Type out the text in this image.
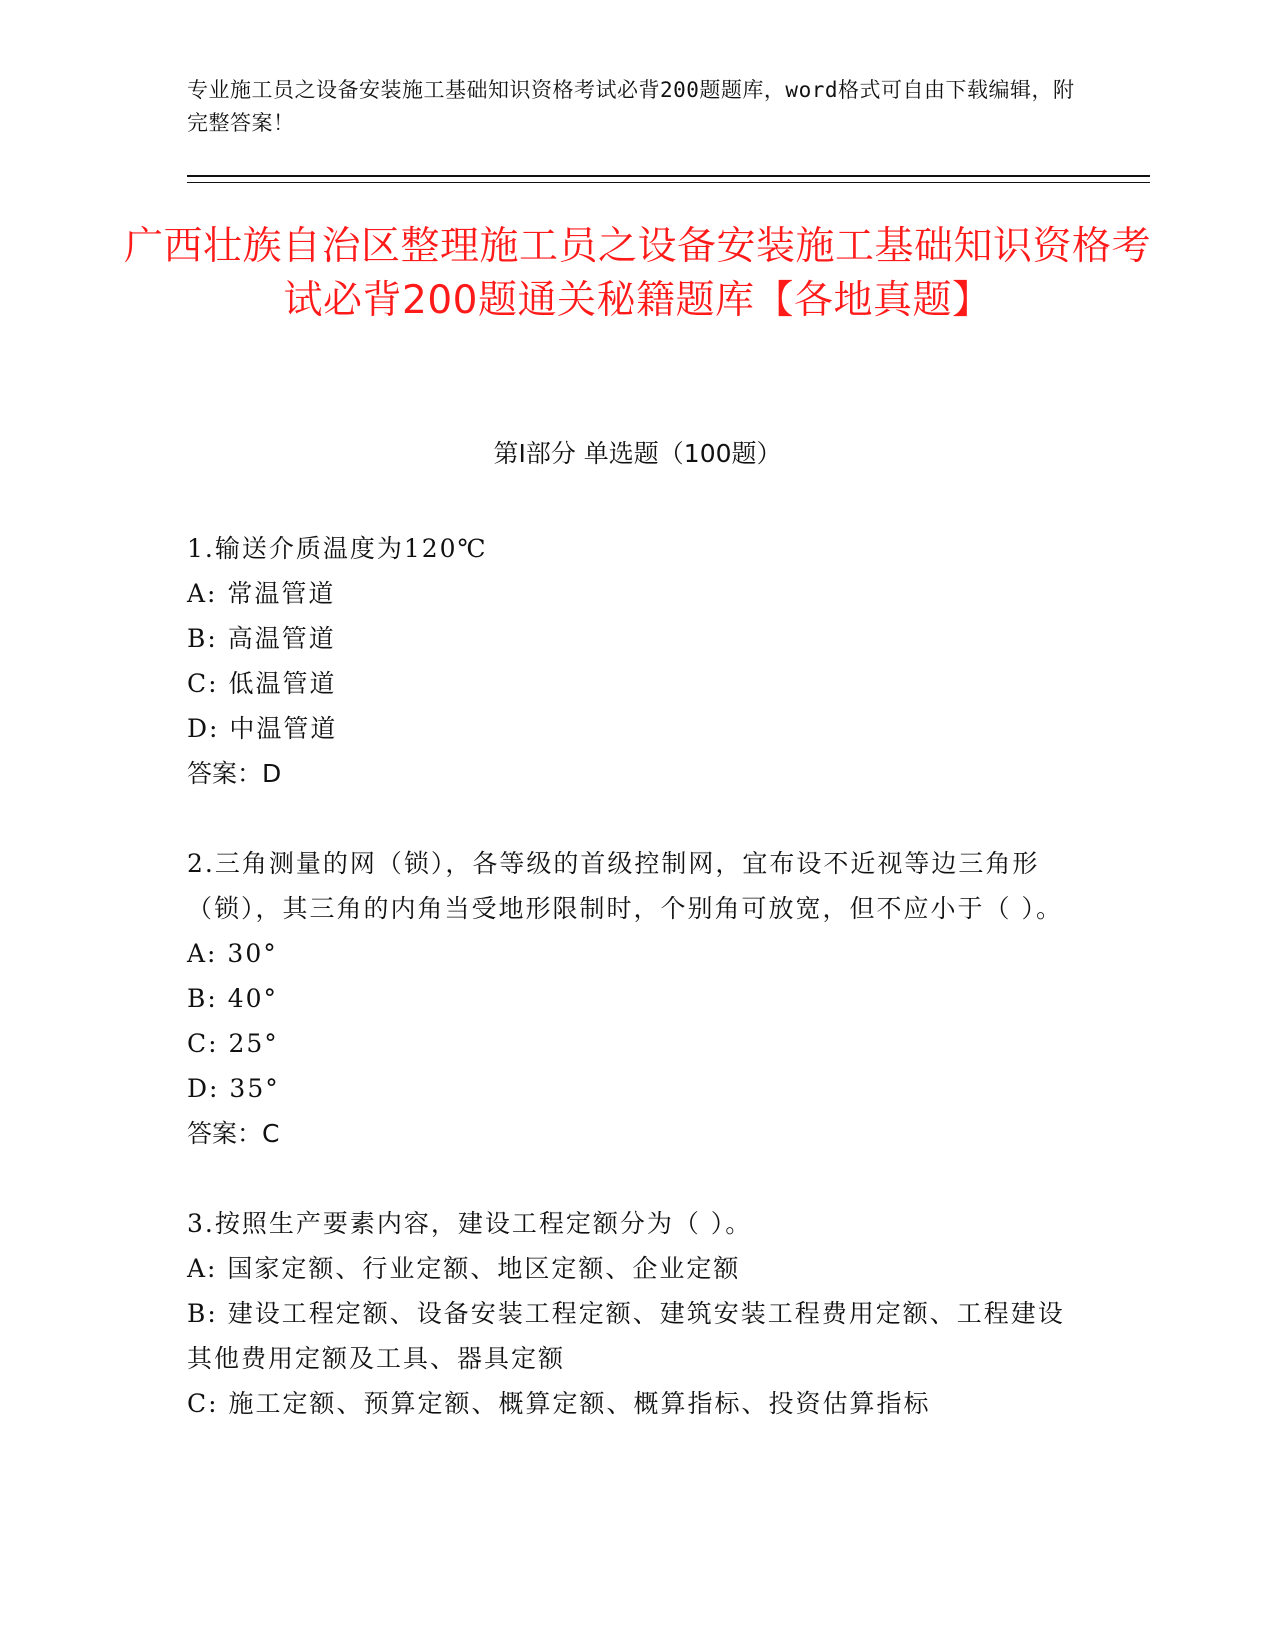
专业施工员之设备安装施工基础知识资格考试必背200题题库，word格式可自由下载编辑，附完整答案！
广西壮族自治区整理施工员之设备安装施工基础知识资格考试必背200题通关秘籍题库【各地真题】
第Ⅰ部分 单选题（100题）

1.输送介质温度为120℃

A: 常温管道

B: 高温管道

C: 低温管道

D: 中温管道

答案：D

2.三角测量的网（锁），各等级的首级控制网，宜布设不近视等边三角形（锁），其三角的内角当受地形限制时，个别角可放宽，但不应小于（ ）。

A: 30°

B: 40°

C: 25°

D: 35°

答案：C

3.按照生产要素内容，建设工程定额分为（ ）。

A: 国家定额、行业定额、地区定额、企业定额

B: 建设工程定额、设备安装工程定额、建筑安装工程费用定额、工程建设其他费用定额及工具、器具定额

C: 施工定额、预算定额、概算定额、概算指标、投资估算指标
